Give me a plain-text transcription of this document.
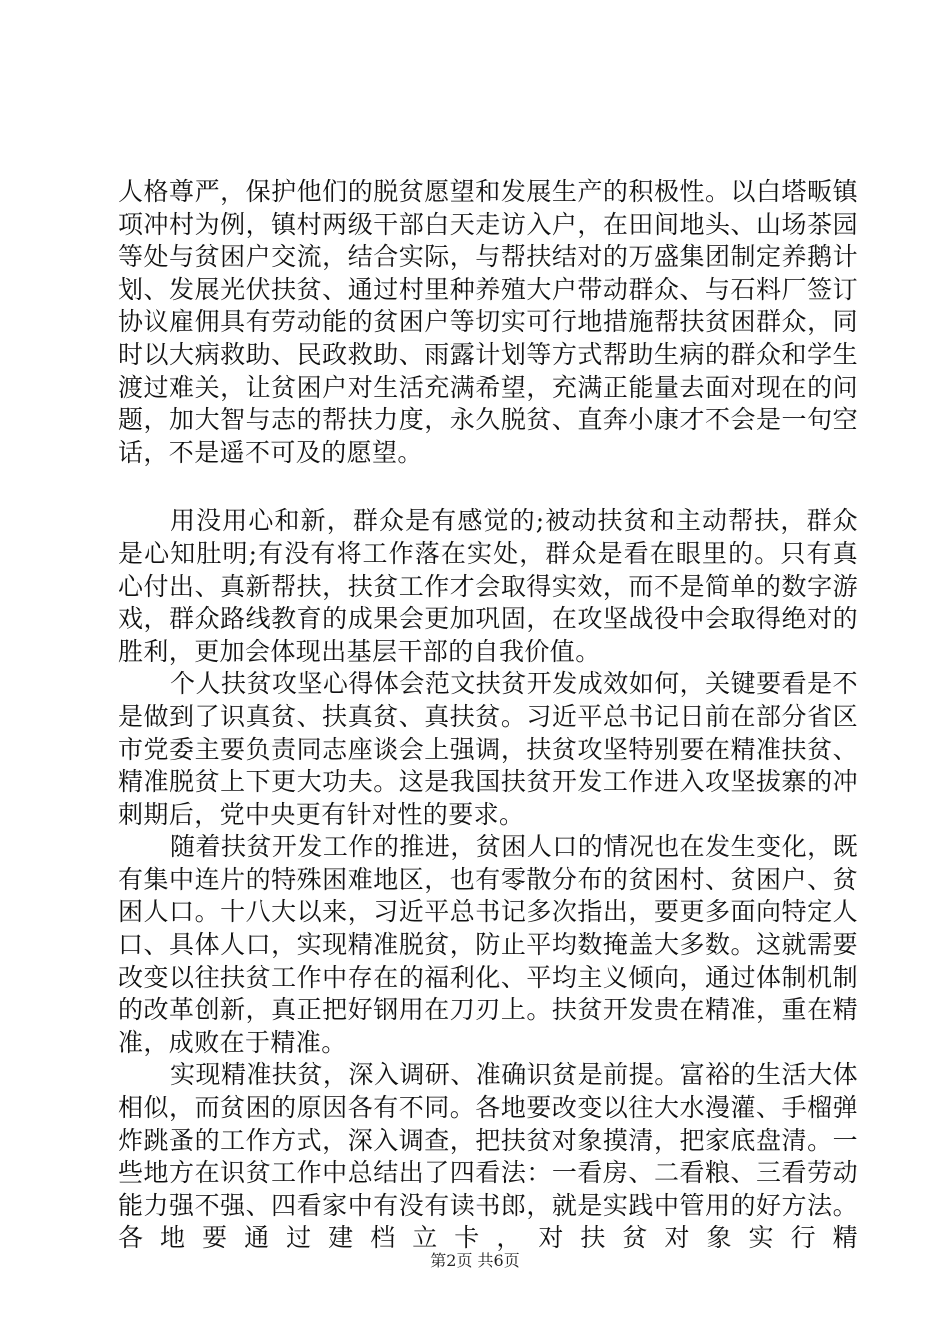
人格尊严，保护他们的脱贫愿望和发展生产的积极性。以白塔畈镇项冲村为例，镇村两级干部白天走访入户，在田间地头、山场茶园等处与贫困户交流，结合实际，与帮扶结对的万盛集团制定养鹅计划、发展光伏扶贫、通过村里种养殖大户带动群众、与石料厂签订协议雇佣具有劳动能的贫困户等切实可行地措施帮扶贫困群众，同时以大病救助、民政救助、雨露计划等方式帮助生病的群众和学生渡过难关，让贫困户对生活充满希望，充满正能量去面对现在的问题，加大智与志的帮扶力度，永久脱贫、直奔小康才不会是一句空话，不是遥不可及的愿望。

用没用心和新，群众是有感觉的;被动扶贫和主动帮扶，群众是心知肚明;有没有将工作落在实处，群众是看在眼里的。只有真心付出、真新帮扶，扶贫工作才会取得实效，而不是简单的数字游戏，群众路线教育的成果会更加巩固，在攻坚战役中会取得绝对的胜利，更加会体现出基层干部的自我价值。

个人扶贫攻坚心得体会范文扶贫开发成效如何，关键要看是不是做到了识真贫、扶真贫、真扶贫。习近平总书记日前在部分省区市党委主要负责同志座谈会上强调，扶贫攻坚特别要在精准扶贫、精准脱贫上下更大功夫。这是我国扶贫开发工作进入攻坚拔寨的冲刺期后，党中央更有针对性的要求。

随着扶贫开发工作的推进，贫困人口的情况也在发生变化，既有集中连片的特殊困难地区，也有零散分布的贫困村、贫困户、贫困人口。十八大以来，习近平总书记多次指出，要更多面向特定人口、具体人口，实现精准脱贫，防止平均数掩盖大多数。这就需要改变以往扶贫工作中存在的福利化、平均主义倾向，通过体制机制的改革创新，真正把好钢用在刀刃上。扶贫开发贵在精准，重在精准，成败在于精准。

实现精准扶贫，深入调研、准确识贫是前提。富裕的生活大体相似，而贫困的原因各有不同。各地要改变以往大水漫灌、手榴弹炸跳蚤的工作方式，深入调查，把扶贫对象摸清，把家底盘清。一些地方在识贫工作中总结出了四看法：一看房、二看粮、三看劳动能力强不强、四看家中有没有读书郎，就是实践中管用的好方法。各地要通过建档立卡，对扶贫对象实行精

第2页 共6页
